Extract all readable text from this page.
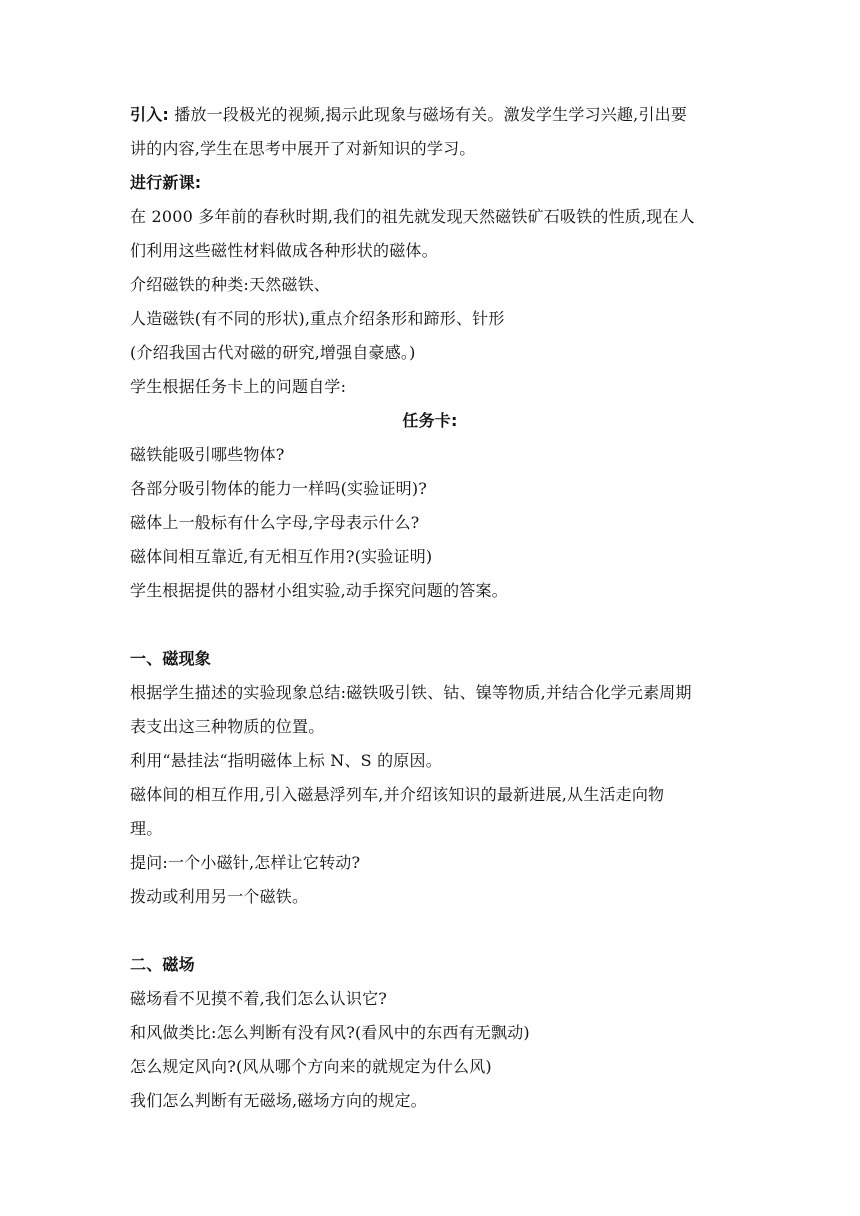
引入: 播放一段极光的视频,揭示此现象与磁场有关。激发学生学习兴趣,引出要
讲的内容,学生在思考中展开了对新知识的学习。
进行新课:
在 2000 多年前的春秋时期,我们的祖先就发现天然磁铁矿石吸铁的性质,现在人
们利用这些磁性材料做成各种形状的磁体。
介绍磁铁的种类:天然磁铁、
人造磁铁(有不同的形状),重点介绍条形和蹄形、针形
(介绍我国古代对磁的研究,增强自豪感。)
学生根据任务卡上的问题自学:
任务卡:
磁铁能吸引哪些物体?
各部分吸引物体的能力一样吗(实验证明)?
磁体上一般标有什么字母,字母表示什么?
磁体间相互靠近,有无相互作用?(实验证明)
学生根据提供的器材小组实验,动手探究问题的答案。
一、磁现象
根据学生描述的实验现象总结:磁铁吸引铁、钴、镍等物质,并结合化学元素周期
表支出这三种物质的位置。
利用“悬挂法“指明磁体上标 N、S 的原因。
磁体间的相互作用,引入磁悬浮列车,并介绍该知识的最新进展,从生活走向物
理。
提问:一个小磁针,怎样让它转动?
拨动或利用另一个磁铁。
二、磁场
磁场看不见摸不着,我们怎么认识它?
和风做类比:怎么判断有没有风?(看风中的东西有无飘动)
怎么规定风向?(风从哪个方向来的就规定为什么风)
我们怎么判断有无磁场,磁场方向的规定。
